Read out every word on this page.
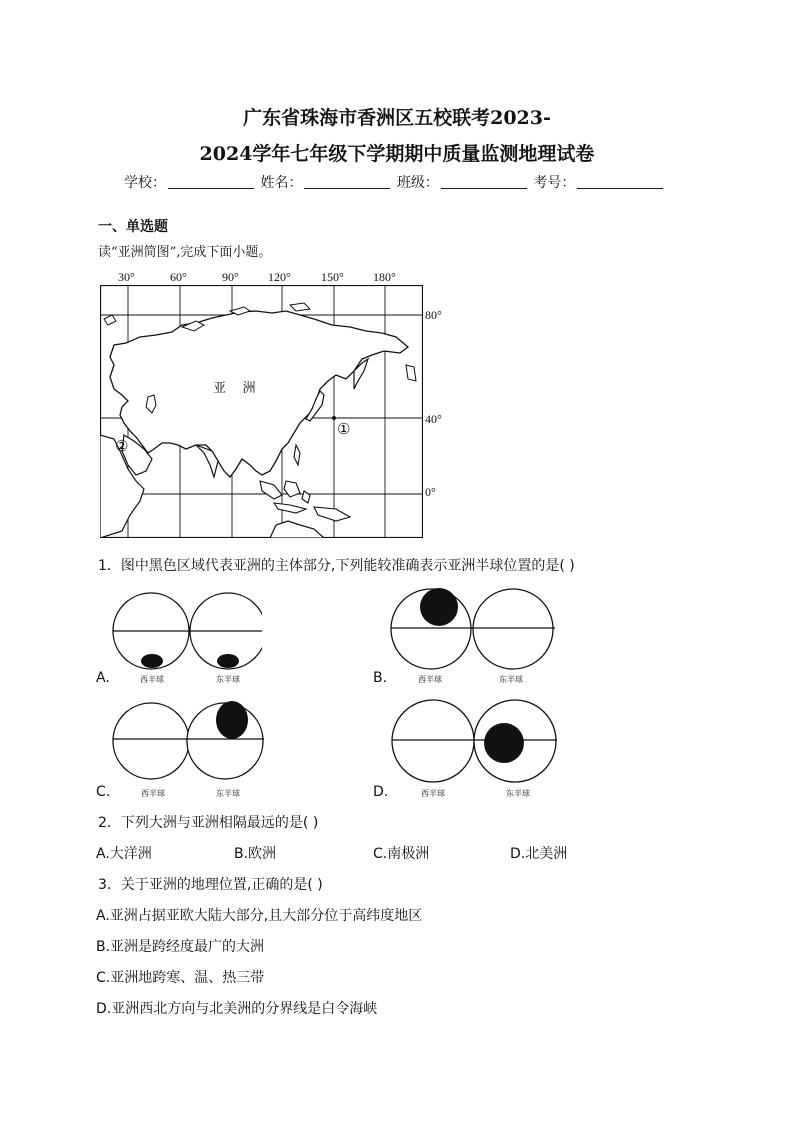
广东省珠海市香洲区五校联考2023-
2024学年七年级下学期期中质量监测地理试卷
学校：	姓名：	班级：	考号：
一、单选题
读“亚洲简图”,完成下面小题。
30°	60°	90° 120°	150° 180°
80°
40°
0°
亚    洲
①
②
1．图中黑色区域代表亚洲的主体部分,下列能较准确表示亚洲半球位置的是( )
A.	西半球	东半球	B.	西半球	东半球
C.	西半球	东半球	D.	西半球	东半球
2．下列大洲与亚洲相隔最远的是( )
A.大洋洲	B.欧洲	C.南极洲	D.北美洲
3．关于亚洲的地理位置,正确的是( )
A.亚洲占据亚欧大陆大部分,且大部分位于高纬度地区
B.亚洲是跨经度最广的大洲
C.亚洲地跨寒、温、热三带
D.亚洲西北方向与北美洲的分界线是白令海峡
